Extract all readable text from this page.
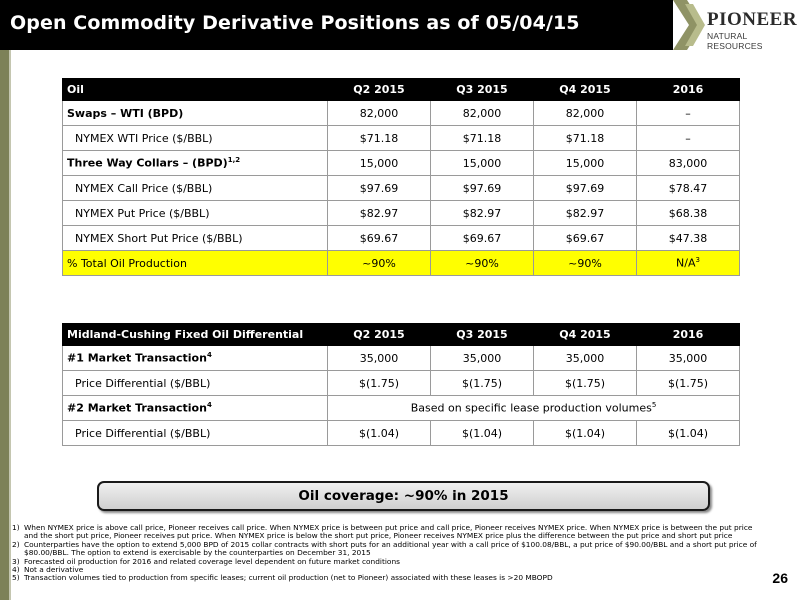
Open Commodity Derivative Positions as of 05/04/15	PIONEER
NATURAL RESOURCES
Oil	Q2 2015	Q3 2015	Q4 2015	2016
Swaps – WTI (BPD)	82,000	82,000	82,000	–
NYMEX WTI Price ($/BBL)	$71.18	$71.18	$71.18	–
Three Way Collars – (BPD)$^{1,2}$	15,000	15,000	15,000	83,000
NYMEX Call Price ($/BBL)	$97.69	$97.69	$97.69	$78.47
NYMEX Put Price ($/BBL)	$82.97	$82.97	$82.97	$68.38
NYMEX Short Put Price ($/BBL)	$69.67	$69.67	$69.67	$47.38
% Total Oil Production	~90%	~90%	~90%	$N/A^3$
Midland-Cushing Fixed Oil Differential	Q2 2015	Q3 2015	Q4 2015	2016
#1 Market Transaction$^4$	35,000	35,000	35,000	35,000
Price Differential ($/BBL)	$(1.75)	$(1.75)	$(1.75)	$(1.75)
#2 Market Transaction$^4$	Based on specific lease production volumes$^5$
Price Differential ($/BBL)	$(1.04)	$(1.04)	$(1.04)	$(1.04)
Oil coverage: ~90% in 2015
1) When NYMEX price is above call price, Pioneer receives call price. When NYMEX price is between put price and call price, Pioneer receives NYMEX price. When NYMEX price is between the put price and the short put price, Pioneer receives put price. When NYMEX price is below the short put price, Pioneer receives NYMEX price plus the difference between the put price and short put price
2) Counterparties have the option to extend 5,000 BPD of 2015 collar contracts with short puts for an additional year with a call price of $100.08/BBL, a put price of $90.00/BBL and a short put price of $80.00/BBL. The option to extend is exercisable by the counterparties on December 31, 2015
3) Forecasted oil production for 2016 and related coverage level dependent on future market conditions
4) Not a derivative
5) Transaction volumes tied to production from specific leases; current oil production (net to Pioneer) associated with these leases is >20 MBOPD	26
